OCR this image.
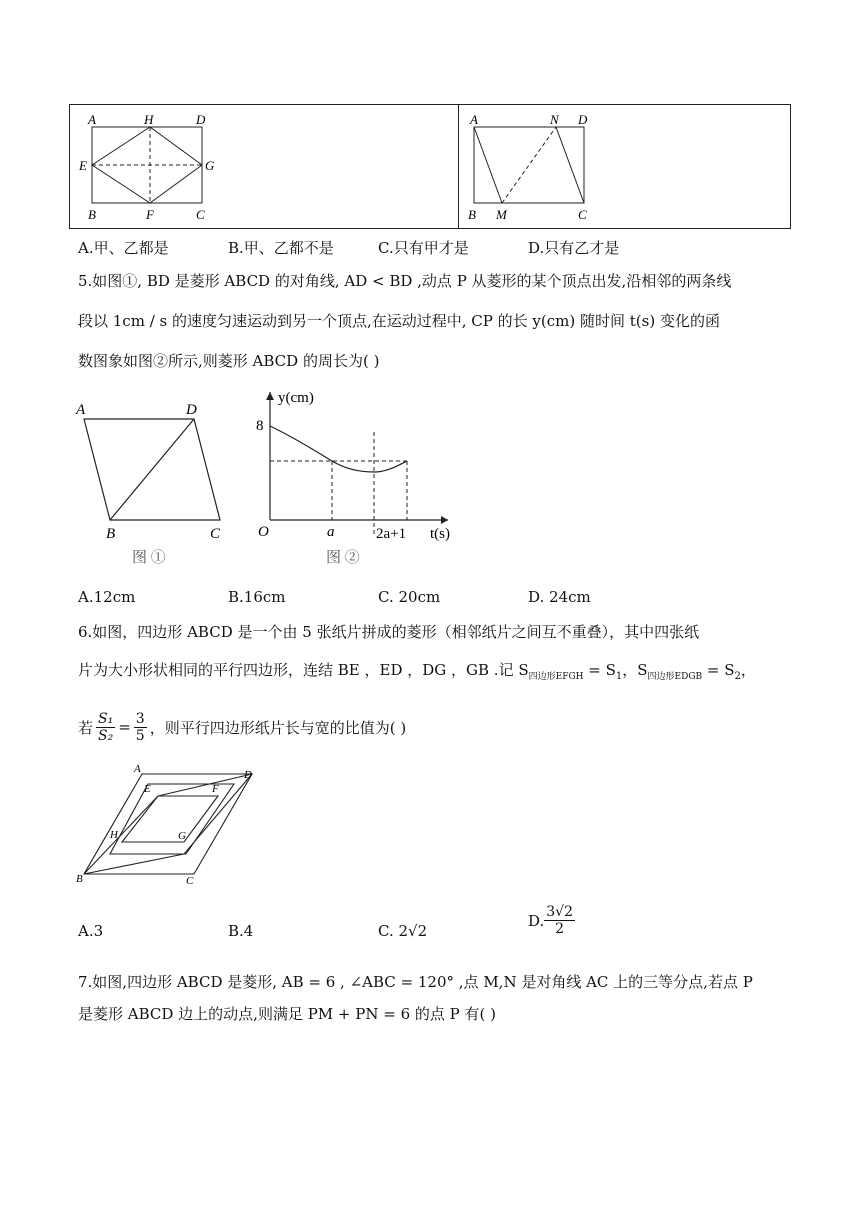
A	H	D
E	G
B	F	C
A	N D
B M	C
A.甲、乙都是	B.甲、乙都不是	C.只有甲才是	D.只有乙才是
5.如图①, BD 是菱形 ABCD 的对角线, AD < BD ,动点 P 从菱形的某个顶点出发,沿相邻的两条线
段以 1cm / s 的速度匀速运动到另一个顶点,在运动过程中, CP 的长 y(cm) 随时间 t(s) 变化的函
数图象如图②所示,则菱形 ABCD 的周长为( )
A	D
B	C
图 ①
y(cm)
8
O	a	2a+1 t(s)
图 ②
A.12cm	B.16cm	C. 20cm	D. 24cm
6.如图，四边形 ABCD 是一个由 5 张纸片拼成的菱形（相邻纸片之间互不重叠），其中四张纸
片为大小形状相同的平行四边形，连结 BE ，ED ，DG ，GB .记 $S_{四边形EFGH} = S_1$，$S_{四边形EDGB} = S_2$，
若 $\frac{\text{S₁}}{\text{S₂}} = \frac{3}{5}$ ，则平行四边形纸片长与宽的比值为( )
A	D
E	F
H	G
B	C
A.3	B.4	C. 2√2
D. $\frac{3√2}{2}$
7.如图,四边形 ABCD 是菱形, AB = 6 , ∠ABC = 120° ,点 M,N 是对角线 AC 上的三等分点,若点 P
是菱形 ABCD 边上的动点,则满足 PM + PN = 6 的点 P 有( )
